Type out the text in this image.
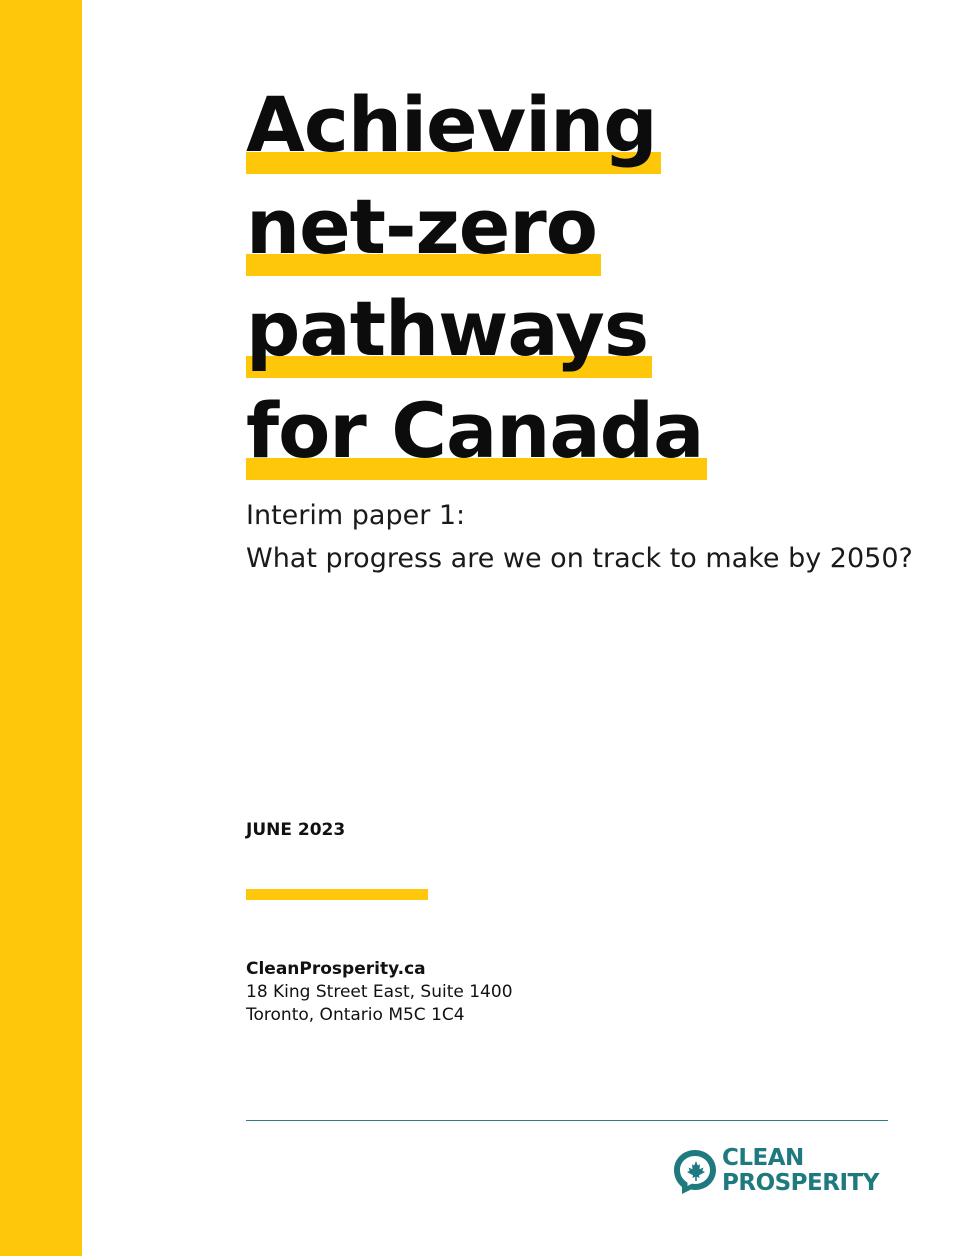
Achieving
net-zero
pathways
for Canada
Interim paper 1:
What progress are we on track to make by 2050?
JUNE 2023
CleanProsperity.ca
18 King Street East, Suite 1400
Toronto, Ontario M5C 1C4
CLEAN
PROSPERITY
